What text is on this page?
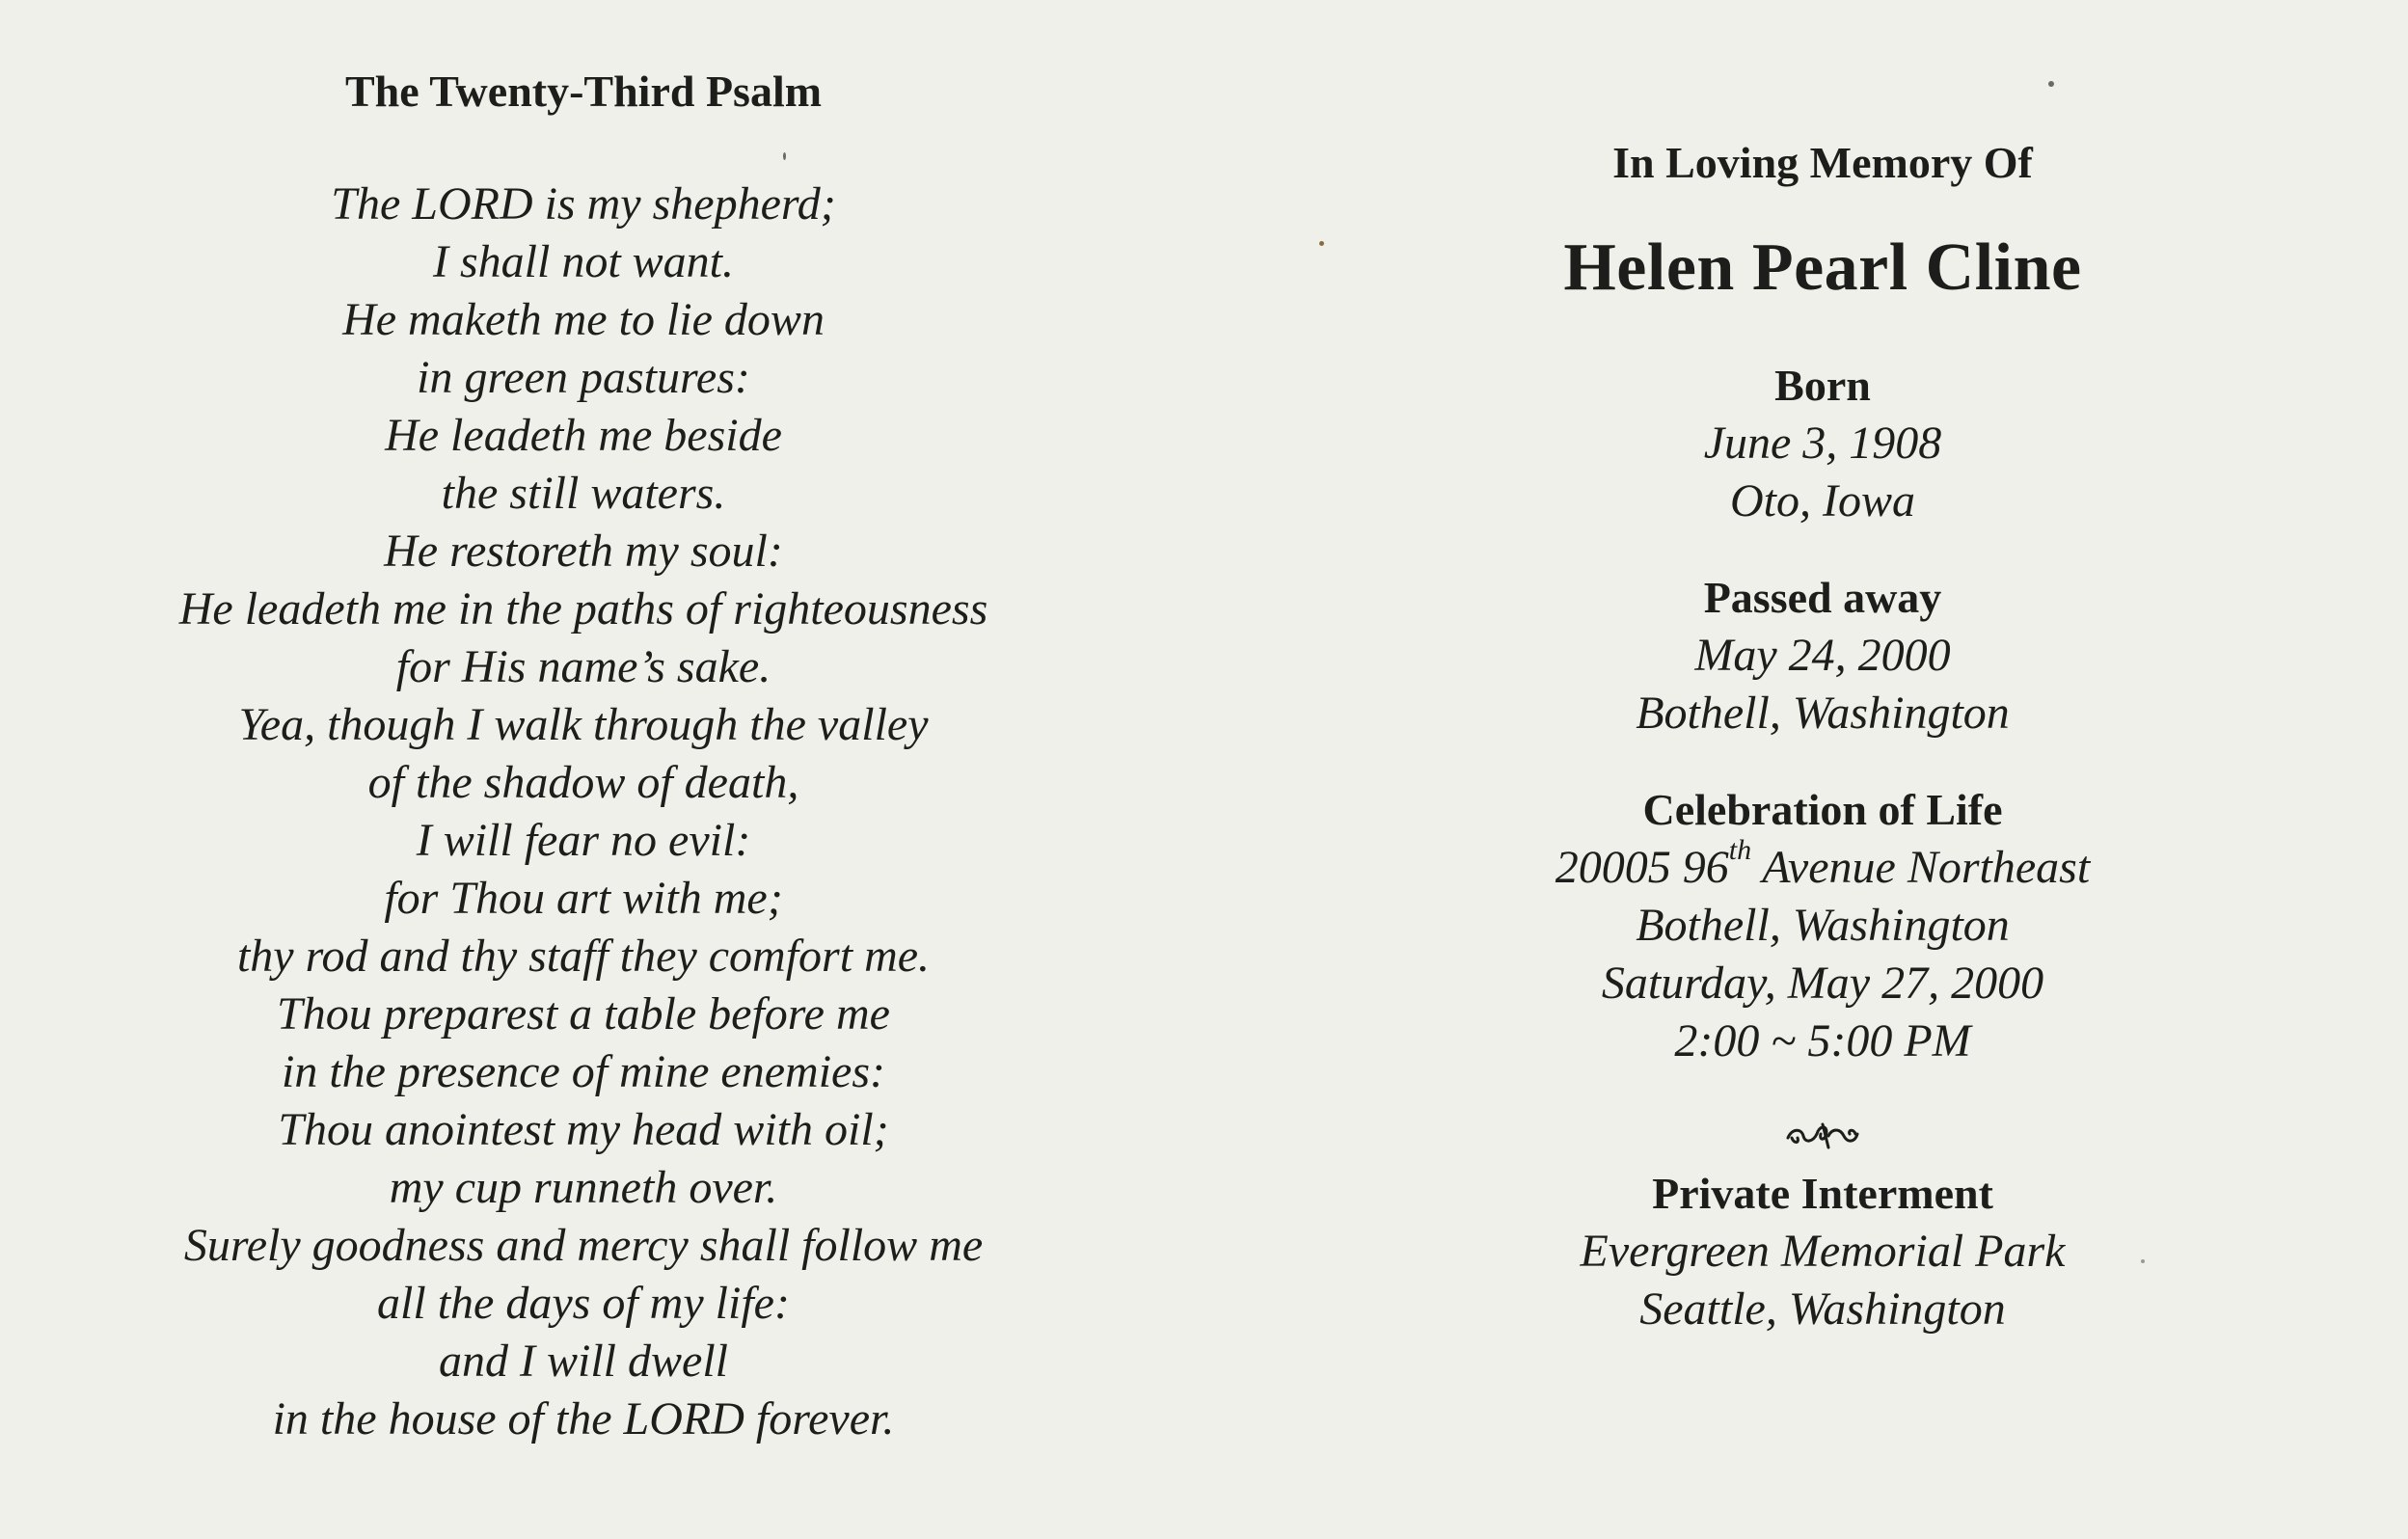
The Twenty-Third Psalm
The LORD is my shepherd;
I shall not want.
He maketh me to lie down
in green pastures:
He leadeth me beside
the still waters.
He restoreth my soul:
He leadeth me in the paths of righteousness
for His name’s sake.
Yea, though I walk through the valley
of the shadow of death,
I will fear no evil:
for Thou art with me;
thy rod and thy staff they comfort me.
Thou preparest a table before me
in the presence of mine enemies:
Thou anointest my head with oil;
my cup runneth over.
Surely goodness and mercy shall follow me
all the days of my life:
and I will dwell
in the house of the LORD forever.
In Loving Memory Of
Helen Pearl Cline
Born
June 3, 1908
Oto, Iowa
Passed away
May 24, 2000
Bothell, Washington
Celebration of Life
20005 96th Avenue Northeast
Bothell, Washington
Saturday, May 27, 2000
2:00 ~ 5:00 PM
Private Interment
Evergreen Memorial Park
Seattle, Washington
